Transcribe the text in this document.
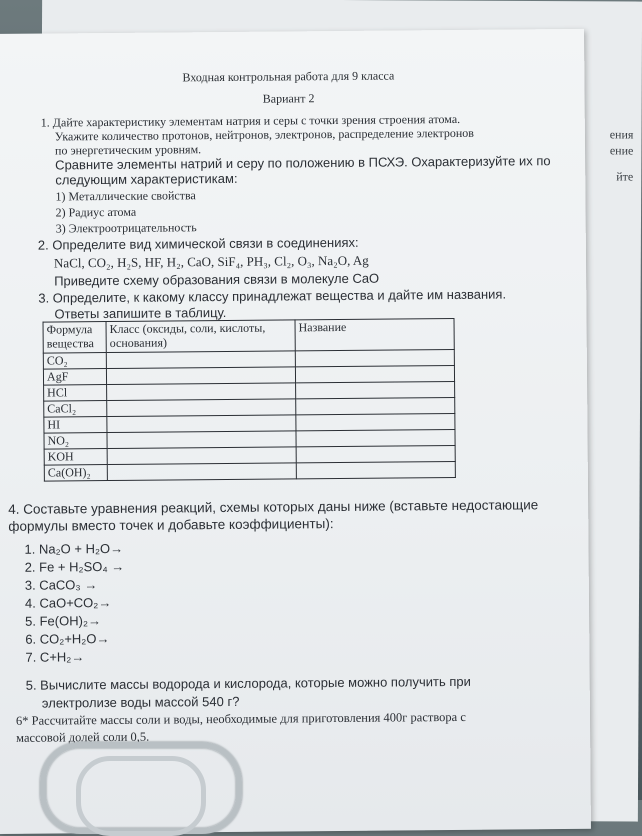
ения
ение
йте
Входная контрольная работа для 9 класса
Вариант 2
1. Дайте характеристику элементам натрия и серы с точки зрения строения атома.
Укажите количество протонов, нейтронов, электронов, распределение электронов
по энергетическим уровням.
Сравните элементы натрий и серу по положению в ПСХЭ. Охарактеризуйте их по
следующим характеристикам:
1) Металлические свойства
2) Радиус атома
3) Электроотрицательность
2. Определите вид химической связи в соединениях:
NaCl, CO₂, H₂S, HF, H₂, CaO, SiF₄, PH₃, Cl₂, O₃, Na₂O, Ag
Приведите схему образования связи в молекуле CaO
3. Определите, к какому классу принадлежат вещества и дайте им названия.
Ответы запишите в таблицу.
Формула вещества	Класс (оксиды, соли, кислоты, основания)	Название
CO₂		
AgF		
HCl		
CaCl₂		
HI		
NO₂		
KOH		
Ca(OH)₂		
4. Составьте уравнения реакций, схемы которых даны ниже (вставьте недостающие
формулы вместо точек и добавьте коэффициенты):
1. Na₂O + H₂O→
2. Fe + H₂SO₄ →
3. CaCO₃ →
4. CaO+CO₂→
5. Fe(OH)₂→
6. CO₂+H₂O→
7. C+H₂→
5. Вычислите массы водорода и кислорода, которые можно получить при
электролизе воды массой 540 г?
6* Рассчитайте массы соли и воды, необходимые для приготовления 400г раствора с
массовой долей соли 0,5.
